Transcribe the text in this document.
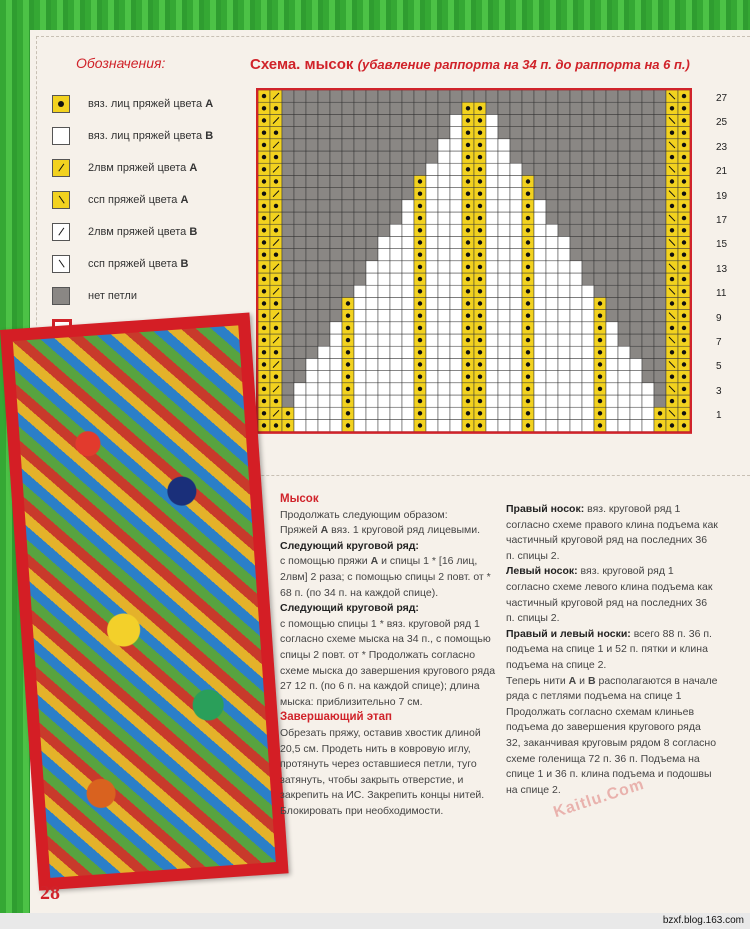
Обозначения:
вяз. лиц пряжей цвета A
вяз. лиц пряжей цвета B
2лвм пряжей цвета A
ссп пряжей цвета A
2лвм пряжей цвета B
ссп пряжей цвета B
нет петли
Схема. мысок (убавление раппорта на 34 п. до раппорта на 6 п.)
27
25
23
21
19
17
15
13
11
9
7
5
3
1

Мысок

Продолжать следующим образом:
Пряжей А вяз. 1 круговой ряд лицевыми.

Следующий круговой ряд:

с помощью пряжи А и спицы 1 * [16 лиц, 2лвм] 2 раза; с помощью спицы 2 повт. от * 68 п. (по 34 п. на каждой спице).

Следующий круговой ряд:

с помощью спицы 1 * вяз. круговой ряд 1 согласно схеме мыска на 34 п., с помощью спицы 2 повт. от * Продолжать согласно схеме мыска до завершения кругового ряда 27 12 п. (по 6 п. на каждой спице); длина мыска: приблизительно 7 см.

Завершающий этап

Обрезать пряжу, оставив хвостик длиной 20,5 см. Продеть нить в ковровую иглу, протянуть через оставшиеся петли, туго затянуть, чтобы закрыть отверстие, и закрепить на ИС. Закрепить концы нитей. Блокировать при необходимости.

Правый носок: вяз. круговой ряд 1 согласно схеме правого клина подъема как частичный круговой ряд на последних 36 п. спицы 2.

Левый носок: вяз. круговой ряд 1 согласно схеме левого клина подъема как частичный круговой ряд на последних 36 п. спицы 2.

Правый и левый носки: всего 88 п. 36 п. подъема на спице 1 и 52 п. пятки и клина подъема на спице 2.

Теперь нити А и В располагаются в начале ряда с петлями подъема на спице 1

Продолжать согласно схемам клиньев подъема до завершения кругового ряда 32, заканчивая круговым рядом 8 согласно схеме голенища 72 п. 36 п. Подъема на спице 1 и 36 п. клина подъема и подошвы на спице 2.

Kaitlu.Com
28
bzxf.blog.163.com
